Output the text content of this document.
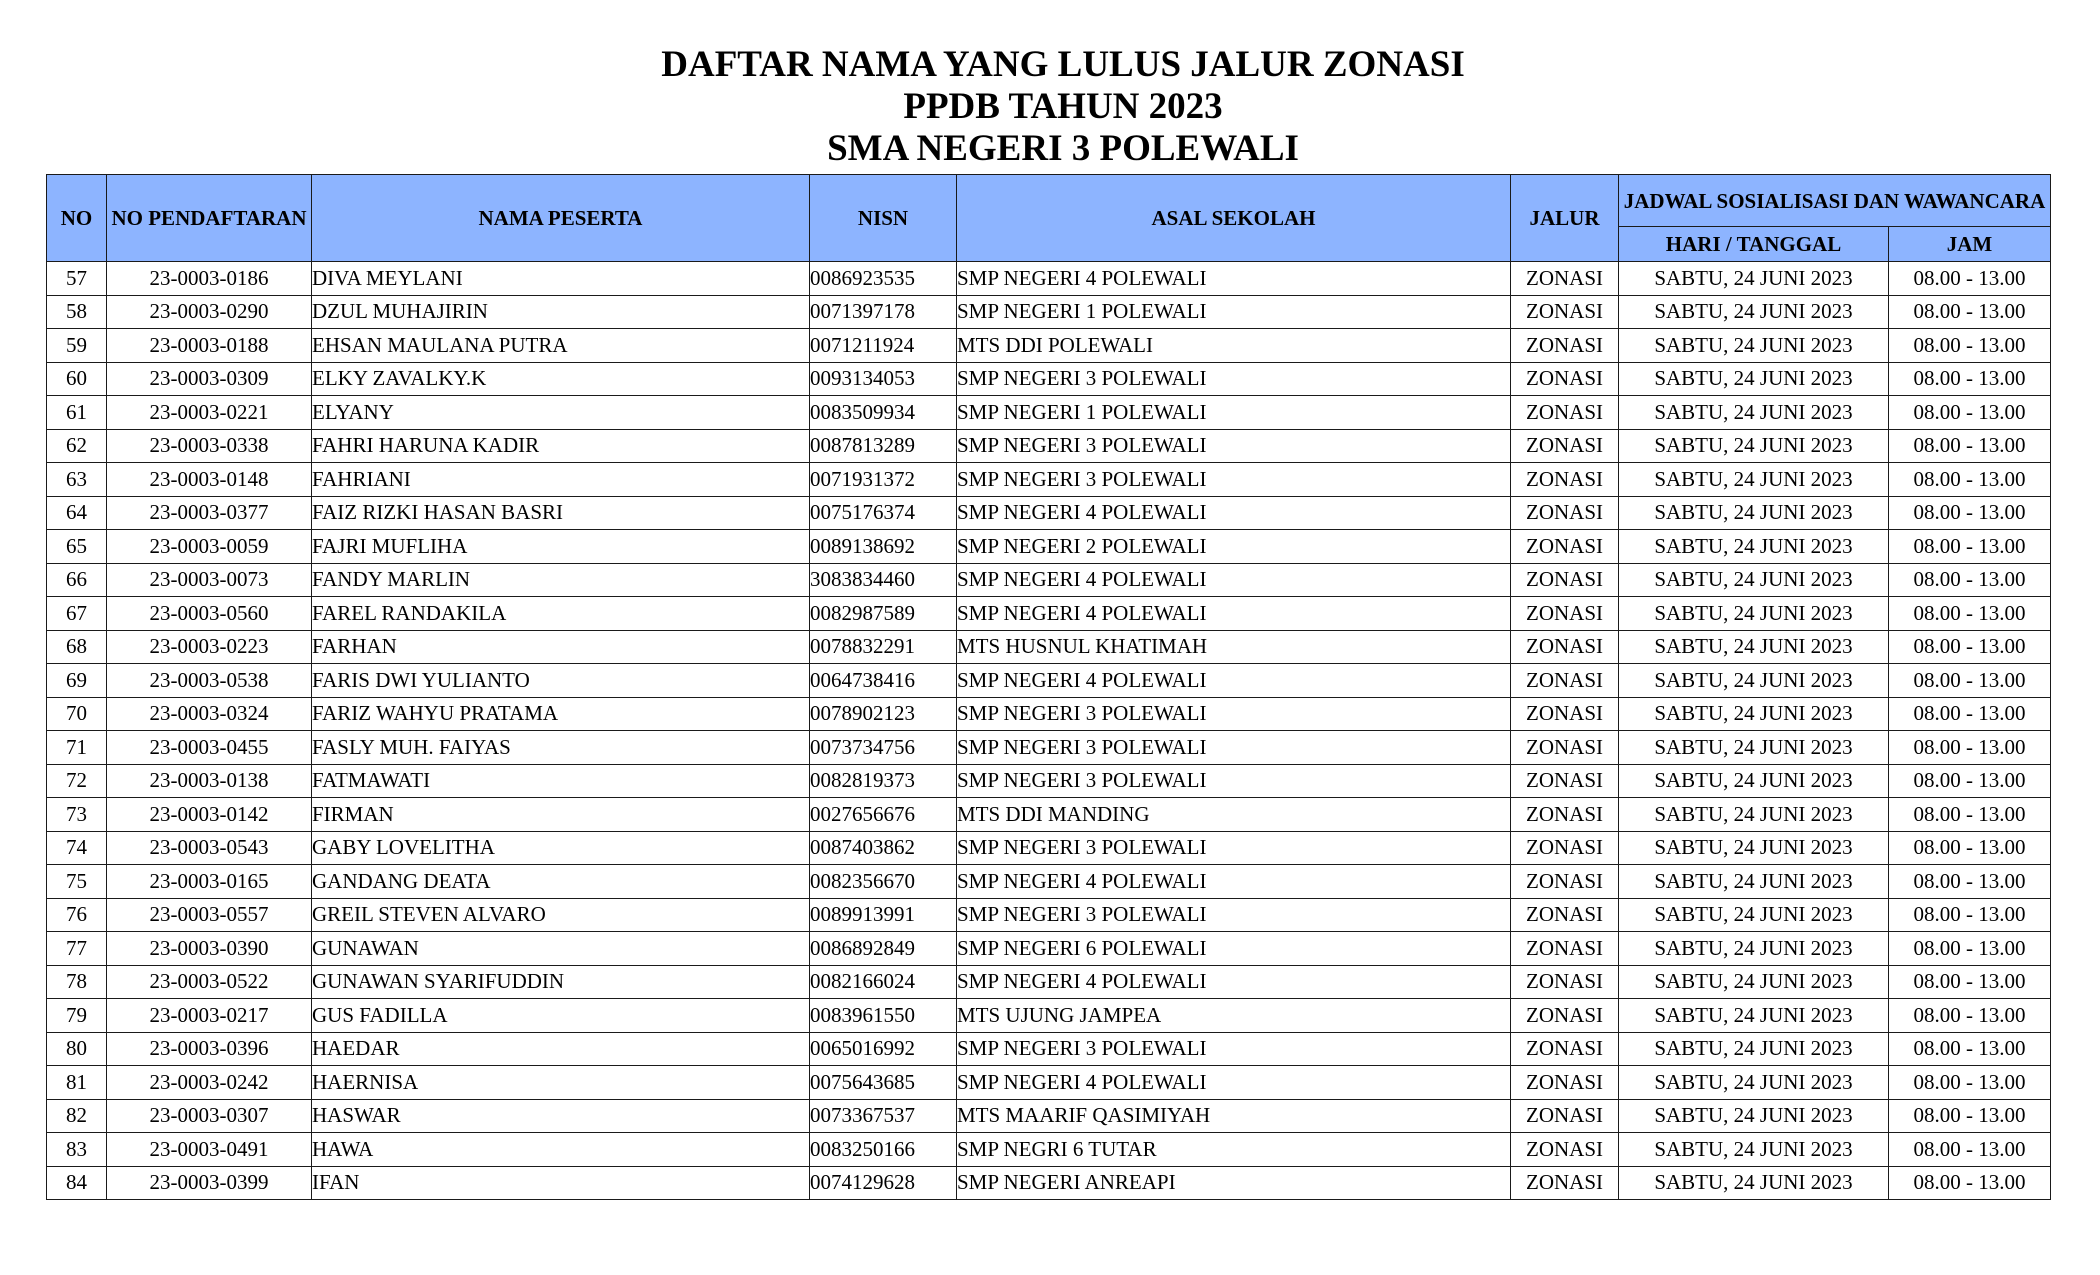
DAFTAR NAMA YANG LULUS JALUR ZONASI
PPDB TAHUN 2023
SMA NEGERI 3 POLEWALI
NO	NO PENDAFTARAN	NAMA PESERTA	NISN	ASAL SEKOLAH	JALUR	JADWAL SOSIALISASI DAN WAWANCARA	
						HARI / TANGGAL	JAM
57	23-0003-0186	DIVA MEYLANI	0086923535	SMP NEGERI 4 POLEWALI	ZONASI	SABTU, 24 JUNI 2023	08.00 - 13.00
58	23-0003-0290	DZUL MUHAJIRIN	0071397178	SMP NEGERI 1 POLEWALI	ZONASI	SABTU, 24 JUNI 2023	08.00 - 13.00
59	23-0003-0188	EHSAN MAULANA PUTRA	0071211924	MTS DDI POLEWALI	ZONASI	SABTU, 24 JUNI 2023	08.00 - 13.00
60	23-0003-0309	ELKY ZAVALKY.K	0093134053	SMP NEGERI 3 POLEWALI	ZONASI	SABTU, 24 JUNI 2023	08.00 - 13.00
61	23-0003-0221	ELYANY	0083509934	SMP NEGERI 1 POLEWALI	ZONASI	SABTU, 24 JUNI 2023	08.00 - 13.00
62	23-0003-0338	FAHRI HARUNA KADIR	0087813289	SMP NEGERI 3 POLEWALI	ZONASI	SABTU, 24 JUNI 2023	08.00 - 13.00
63	23-0003-0148	FAHRIANI	0071931372	SMP NEGERI 3 POLEWALI	ZONASI	SABTU, 24 JUNI 2023	08.00 - 13.00
64	23-0003-0377	FAIZ RIZKI HASAN BASRI	0075176374	SMP NEGERI 4 POLEWALI	ZONASI	SABTU, 24 JUNI 2023	08.00 - 13.00
65	23-0003-0059	FAJRI MUFLIHA	0089138692	SMP NEGERI 2 POLEWALI	ZONASI	SABTU, 24 JUNI 2023	08.00 - 13.00
66	23-0003-0073	FANDY MARLIN	3083834460	SMP NEGERI 4 POLEWALI	ZONASI	SABTU, 24 JUNI 2023	08.00 - 13.00
67	23-0003-0560	FAREL RANDAKILA	0082987589	SMP NEGERI 4 POLEWALI	ZONASI	SABTU, 24 JUNI 2023	08.00 - 13.00
68	23-0003-0223	FARHAN	0078832291	MTS HUSNUL KHATIMAH	ZONASI	SABTU, 24 JUNI 2023	08.00 - 13.00
69	23-0003-0538	FARIS DWI YULIANTO	0064738416	SMP NEGERI 4 POLEWALI	ZONASI	SABTU, 24 JUNI 2023	08.00 - 13.00
70	23-0003-0324	FARIZ WAHYU PRATAMA	0078902123	SMP NEGERI 3 POLEWALI	ZONASI	SABTU, 24 JUNI 2023	08.00 - 13.00
71	23-0003-0455	FASLY MUH. FAIYAS	0073734756	SMP NEGERI 3 POLEWALI	ZONASI	SABTU, 24 JUNI 2023	08.00 - 13.00
72	23-0003-0138	FATMAWATI	0082819373	SMP NEGERI 3 POLEWALI	ZONASI	SABTU, 24 JUNI 2023	08.00 - 13.00
73	23-0003-0142	FIRMAN	0027656676	MTS DDI MANDING	ZONASI	SABTU, 24 JUNI 2023	08.00 - 13.00
74	23-0003-0543	GABY LOVELITHA	0087403862	SMP NEGERI 3 POLEWALI	ZONASI	SABTU, 24 JUNI 2023	08.00 - 13.00
75	23-0003-0165	GANDANG DEATA	0082356670	SMP NEGERI 4 POLEWALI	ZONASI	SABTU, 24 JUNI 2023	08.00 - 13.00
76	23-0003-0557	GREIL STEVEN ALVARO	0089913991	SMP NEGERI 3 POLEWALI	ZONASI	SABTU, 24 JUNI 2023	08.00 - 13.00
77	23-0003-0390	GUNAWAN	0086892849	SMP NEGERI 6 POLEWALI	ZONASI	SABTU, 24 JUNI 2023	08.00 - 13.00
78	23-0003-0522	GUNAWAN SYARIFUDDIN	0082166024	SMP NEGERI 4 POLEWALI	ZONASI	SABTU, 24 JUNI 2023	08.00 - 13.00
79	23-0003-0217	GUS FADILLA	0083961550	MTS UJUNG JAMPEA	ZONASI	SABTU, 24 JUNI 2023	08.00 - 13.00
80	23-0003-0396	HAEDAR	0065016992	SMP NEGERI 3 POLEWALI	ZONASI	SABTU, 24 JUNI 2023	08.00 - 13.00
81	23-0003-0242	HAERNISA	0075643685	SMP NEGERI 4 POLEWALI	ZONASI	SABTU, 24 JUNI 2023	08.00 - 13.00
82	23-0003-0307	HASWAR	0073367537	MTS MAARIF QASIMIYAH	ZONASI	SABTU, 24 JUNI 2023	08.00 - 13.00
83	23-0003-0491	HAWA	0083250166	SMP NEGRI 6 TUTAR	ZONASI	SABTU, 24 JUNI 2023	08.00 - 13.00
84	23-0003-0399	IFAN	0074129628	SMP NEGERI ANREAPI	ZONASI	SABTU, 24 JUNI 2023	08.00 - 13.00
